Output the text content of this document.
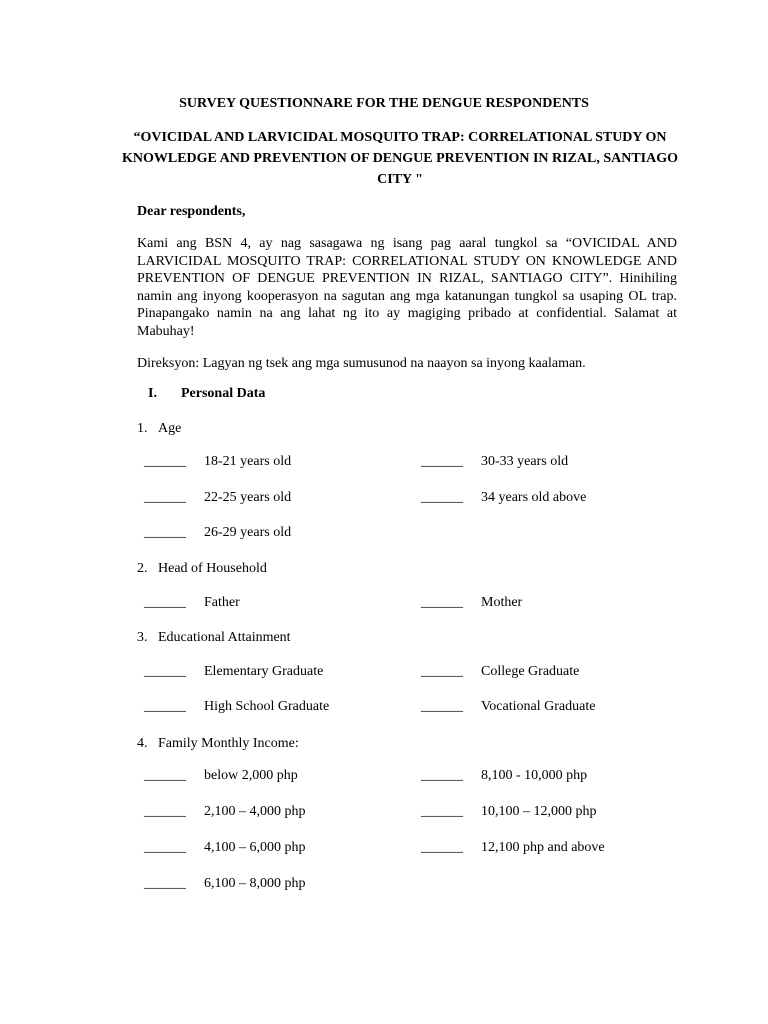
SURVEY QUESTIONNARE FOR THE DENGUE RESPONDENTS
“OVICIDAL AND LARVICIDAL MOSQUITO TRAP: CORRELATIONAL STUDY ON KNOWLEDGE AND PREVENTION OF DENGUE PREVENTION IN RIZAL, SANTIAGO CITY "
Dear respondents,
Kami ang BSN 4, ay nag sasagawa ng isang pag aaral tungkol sa “OVICIDAL AND LARVICIDAL MOSQUITO TRAP: CORRELATIONAL STUDY ON KNOWLEDGE AND PREVENTION OF DENGUE PREVENTION IN RIZAL, SANTIAGO CITY”. Hinihiling namin ang inyong kooperasyon na sagutan ang mga katanungan tungkol sa usaping OL trap. Pinapangako namin na ang lahat ng ito ay magiging pribado at confidential. Salamat at Mabuhay!
Direksyon: Lagyan ng tsek ang mga sumusunod na naayon sa inyong kaalaman.
I. Personal Data
1. Age
______ 18-21 years old	______ 30-33 years old
______ 22-25 years old	______ 34 years old above
______ 26-29 years old
2. Head of Household
______ Father	______ Mother
3. Educational Attainment
______ Elementary Graduate	______ College Graduate
______ High School Graduate	______ Vocational Graduate
4. Family Monthly Income:
______ below 2,000 php	______ 8,100 - 10,000 php
______ 2,100 – 4,000 php	______ 10,100 – 12,000 php
______ 4,100 – 6,000 php	______ 12,100 php and above
______ 6,100 – 8,000 php
